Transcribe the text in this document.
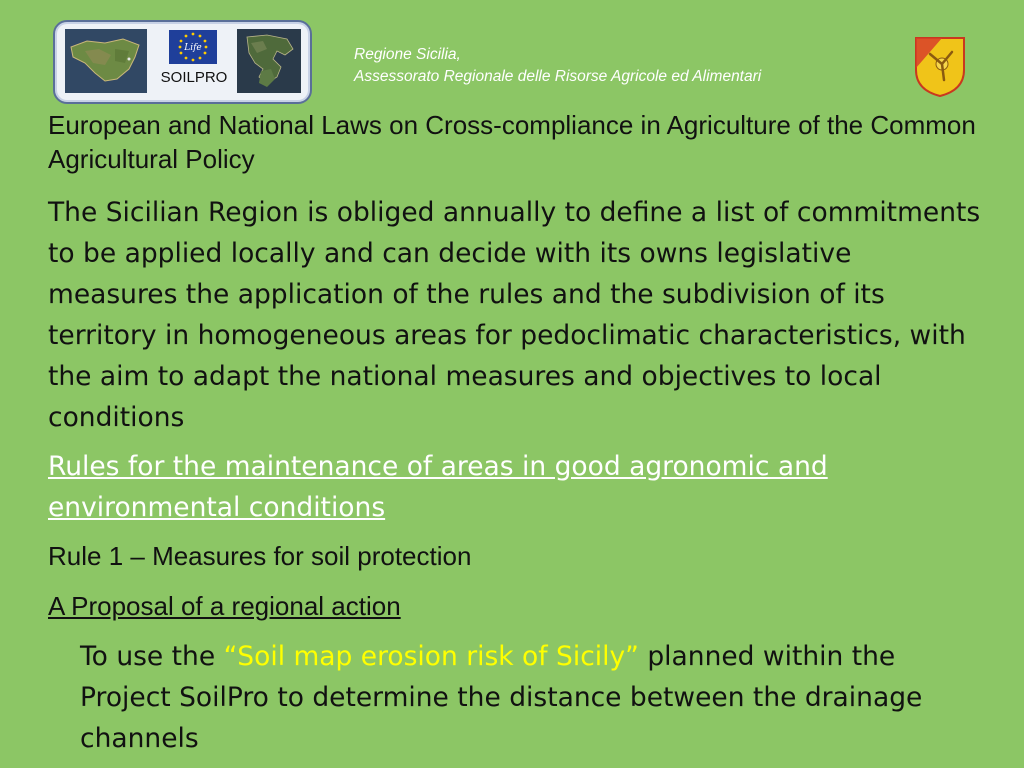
Life
SOILPRO
Regione Sicilia,
Assessorato Regionale delle Risorse Agricole ed Alimentari
European and National Laws on Cross-compliance in Agriculture of the Common Agricultural Policy
The Sicilian Region is obliged annually to define a list of commitments to be applied locally and can decide with its owns legislative measures the application of the rules and the subdivision of its territory in homogeneous areas for pedoclimatic characteristics, with the aim to adapt the national measures and objectives to local conditions
Rules for the maintenance of areas in good agronomic and environmental conditions
Rule 1 – Measures for soil protection
A Proposal of a regional action
To use the “Soil map erosion risk of Sicily” planned within the Project SoilPro to determine the distance between the drainage channels
